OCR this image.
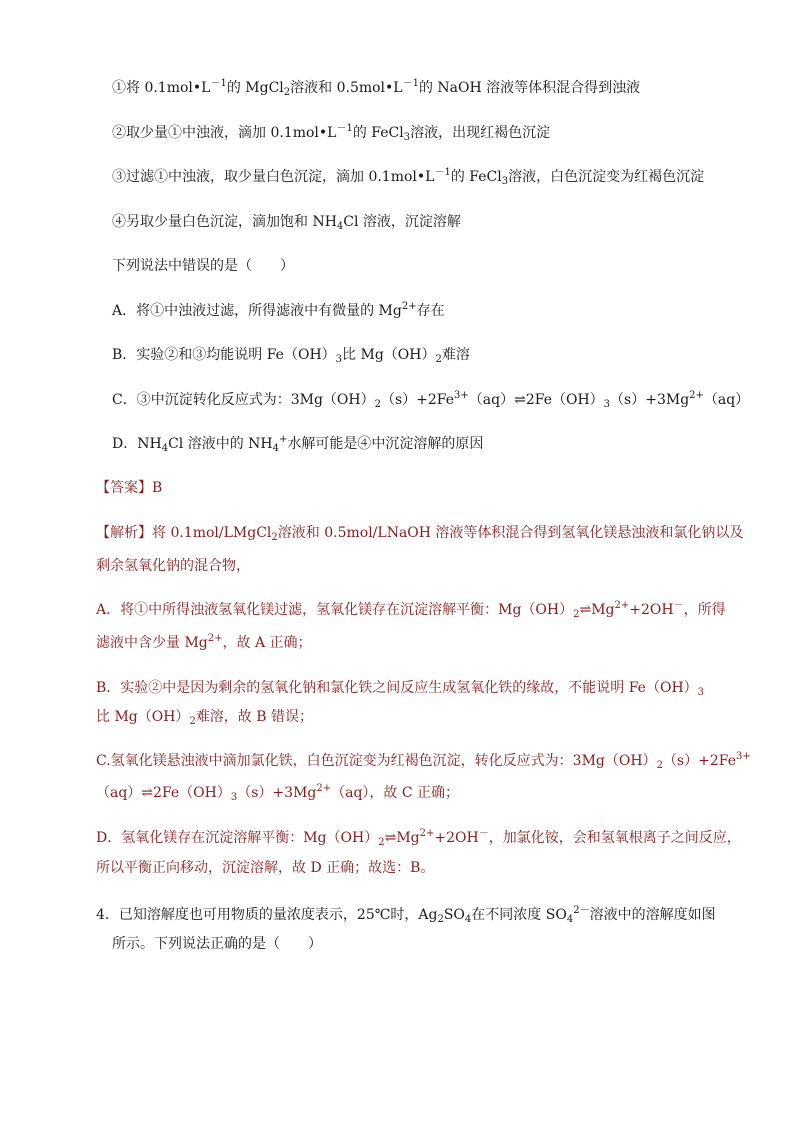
①将 $0.1mol•L^{-1}$的 MgCl$_2$溶液和 $0.5mol•L^{-1}$的 NaOH 溶液等体积混合得到浊液
②取少量①中浊液，滴加 $0.1mol•L^{-1}$的 FeCl$_3$溶液，出现红褐色沉淀
③过滤①中浊液，取少量白色沉淀，滴加 $0.1mol•L^{-1}$的 FeCl$_3$溶液，白色沉淀变为红褐色沉淀
④另取少量白色沉淀，滴加饱和 $NH_4Cl$ 溶液，沉淀溶解
下列说法中错误的是（　　）
A．将①中浊液过滤，所得滤液中有微量的 $Mg^{2+}$存在
B．实验②和③均能说明 $Fe(OH)_3$比 $Mg(OH)_2$难溶
C．③中沉淀转化反应式为：$3Mg(OH)_2(s)+2Fe^{3+}(aq)\rightleftharpoons 2Fe(OH)_3(s)+3Mg^{2+}(aq)$
D．$NH_4Cl$ 溶液中的 $NH_4^+$水解可能是④中沉淀溶解的原因
【答案】B
【解析】将 0.1mol/LMgCl$_2$溶液和 0.5mol/LNaOH 溶液等体积混合得到氢氧化镁悬浊液和氯化钠以及
剩余氢氧化钠的混合物，
A．将①中所得浊液氢氧化镁过滤，氢氧化镁存在沉淀溶解平衡：$Mg(OH)_2\rightleftharpoons Mg^{2+}+2OH^-$，所得
滤液中含少量 $Mg^{2+}$，故 A 正确；
B．实验②中是因为剩余的氢氧化钠和氯化铁之间反应生成氢氧化铁的缘故，不能说明 $Fe(OH)_3$
比 $Mg(OH)_2$难溶，故 B 错误；
C.氢氧化镁悬浊液中滴加氯化铁，白色沉淀变为红褐色沉淀，转化反应式为：$3Mg(OH)_2(s)+2Fe^{3+}$
$(aq)\rightleftharpoons 2Fe(OH)_3(s)+3Mg^{2+}(aq)$，故 C 正确；
D．氢氧化镁存在沉淀溶解平衡：$Mg(OH)_2\rightleftharpoons Mg^{2+}+2OH^-$，加氯化铵，会和氢氧根离子之间反应，
所以平衡正向移动，沉淀溶解，故 D 正确；故选：B。
4．已知溶解度也可用物质的量浓度表示，25℃时，$Ag_2SO_4$在不同浓度 $SO_4^{2-}$溶液中的溶解度如图
所示。下列说法正确的是（　　）
